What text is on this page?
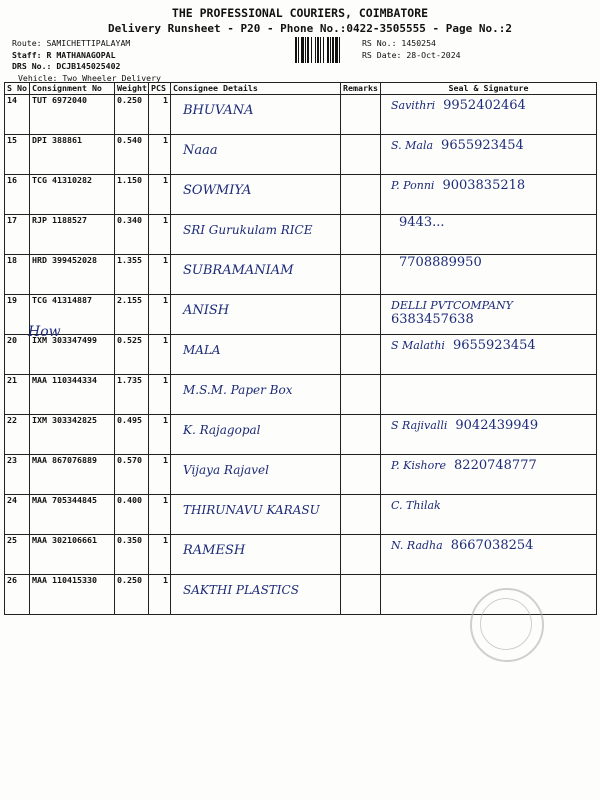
THE PROFESSIONAL COURIERS, COIMBATORE
Delivery Runsheet - P20 - Phone No.:0422-3505555 - Page No.:2
Route: SAMICHETTIPALAYAM
Staff: R MATHANAGOPAL
DRS No.: DCJB145025402
Vehicle: Two Wheeler Delivery
RS No.: 1450254
RS Date: 28-Oct-2024
S No	Consignment No	Weight	PCS	Consignee Details	Remarks	Seal & Signature
14	TUT 6972040	0.250	1	BHUVANA		Savithri 9952402464
15	DPI 388861	0.540	1	Naaa		S. Mala 9655923454
16	TCG 41310282	1.150	1	SOWMIYA		P. Ponni 9003835218
17	RJP 1188527	0.340	1	SRI Gurukulam RICE		9443...
18	HRD 399452028	1.355	1	SUBRAMANIAM		7708889950
19	TCG 41314887	2.155	1	ANISH		DELLI PVTCOMPANY6383457638
20	IXM 303347499	0.525	1	MALA		S Malathi 9655923454
21	MAA 110344334	1.735	1	M.S.M. Paper Box		

22	IXM 303342825	0.495	1	K. Rajagopal		S Rajivalli 9042439949
23	MAA 867076889	0.570	1	Vijaya Rajavel		P. Kishore 8220748777
24	MAA 705344845	0.400	1	THIRUNAVU KARASU		C. Thilak
25	MAA 302106661	0.350	1	RAMESH		N. Radha 8667038254
26	MAA 110415330	0.250	1	SAKTHI PLASTICS		

How
